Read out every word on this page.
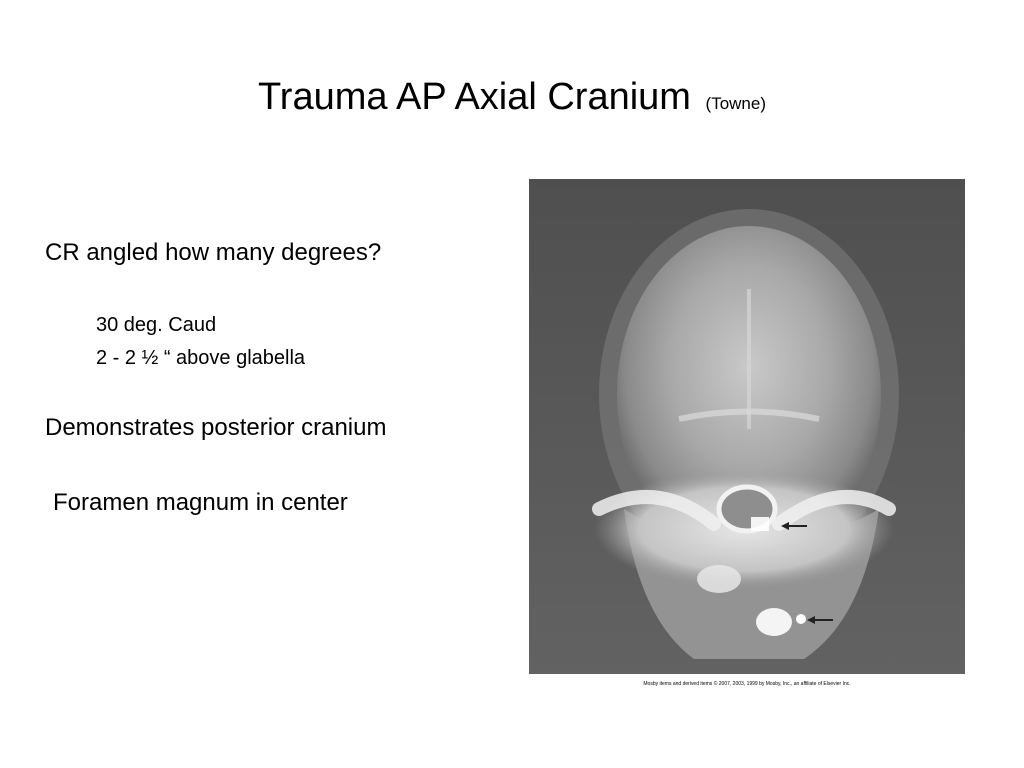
Trauma AP Axial Cranium (Towne)
CR angled how many degrees?
30 deg. Caud
2 - 2 ½ “ above glabella
Demonstrates posterior cranium
Foramen magnum in center
Mosby items and derived items © 2007, 2003, 1999 by Mosby, Inc., an affiliate of Elsevier Inc.
